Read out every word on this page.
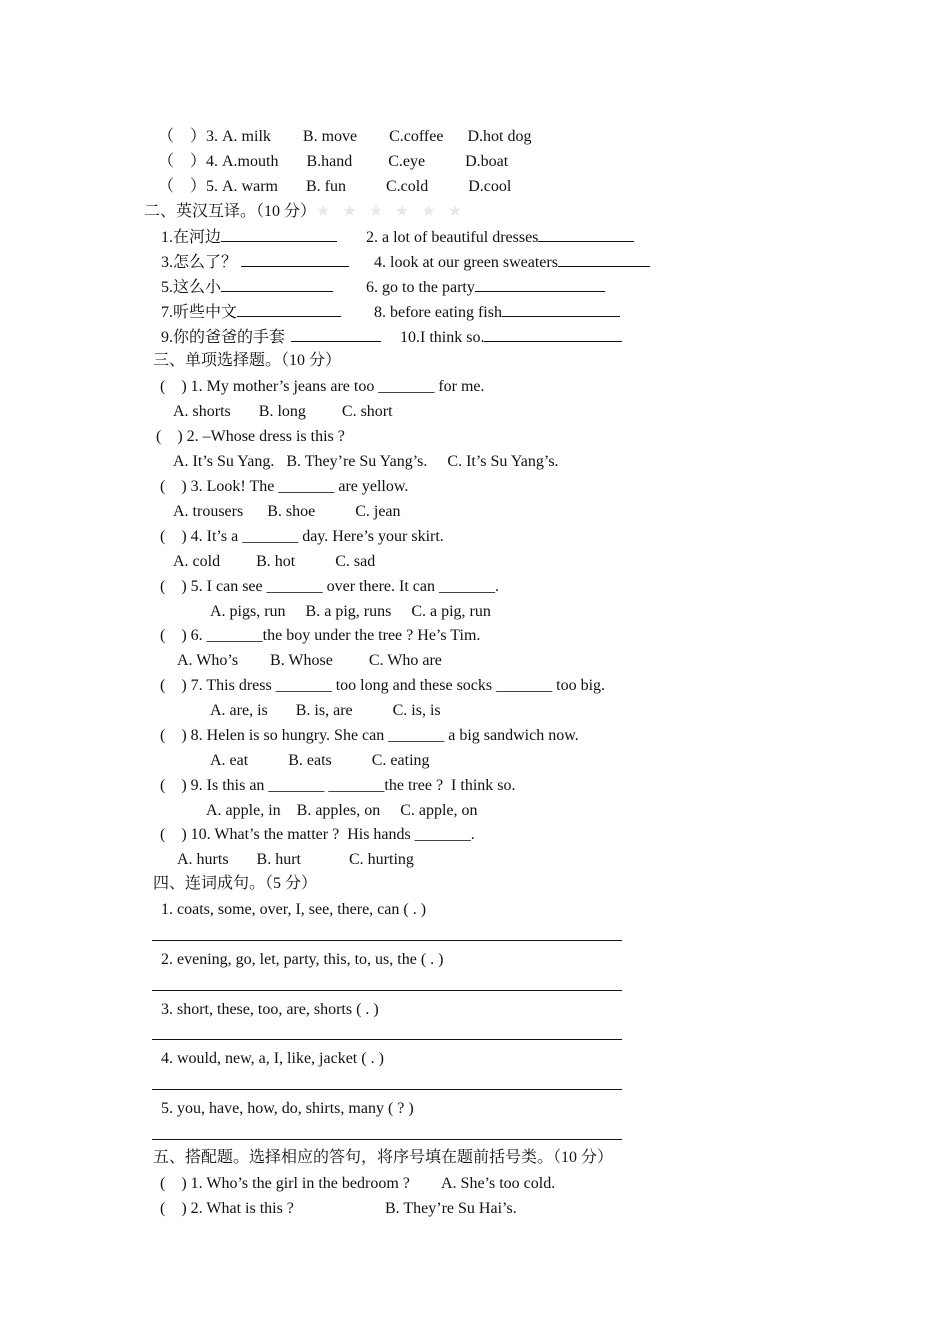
（    ）3. A. milk        B. move        C.coffee      D.hot dog
（    ）4. A.mouth       B.hand         C.eye          D.boat
（    ）5. A. warm       B. fun          C.cold          D.cool
二、英汉互译。（10 分）★ ★ ★ ★ ★ ★
1.在河边	2. a lot of beautiful dresses
3.怎么了？	4. look at our green sweaters
5.这么小	6. go to the party
7.听些中文	8. before eating fish
9.你的爸爸的手套	10.I think so.
三、单项选择题。（10 分）
(    ) 1. My mother’s jeans are too _______ for me.
A. shorts       B. long         C. short
(    ) 2. –Whose dress is this ?
A. It’s Su Yang.   B. They’re Su Yang’s.     C. It’s Su Yang’s.
(    ) 3. Look! The _______ are yellow.
A. trousers      B. shoe          C. jean
(    ) 4. It’s a _______ day. Here’s your skirt.
A. cold         B. hot          C. sad
(    ) 5. I can see _______ over there. It can _______.
A. pigs, run     B. a pig, runs     C. a pig, run
(    ) 6. _______the boy under the tree ? He’s Tim.
A. Who’s        B. Whose         C. Who are
(    ) 7. This dress _______ too long and these socks _______ too big.
A. are, is       B. is, are          C. is, is
(    ) 8. Helen is so hungry. She can _______ a big sandwich now.
A. eat          B. eats          C. eating
(    ) 9. Is this an _______ _______the tree ?  I think so.
A. apple, in    B. apples, on     C. apple, on
(    ) 10. What’s the matter ?  His hands _______.
A. hurts       B. hurt            C. hurting
四、连词成句。（5 分）
1. coats, some, over, I, see, there, can ( . )
2. evening, go, let, party, this, to, us, the ( . )
3. short, these, too, are, shorts ( . )
4. would, new, a, I, like, jacket ( . )
5. you, have, how, do, shirts, many ( ? )
五、搭配题。选择相应的答句，将序号填在题前括号类。（10 分）
(    ) 1. Who’s the girl in the bedroom ? A. She’s too cold.
(    ) 2. What is this ?	B. They’re Su Hai’s.
